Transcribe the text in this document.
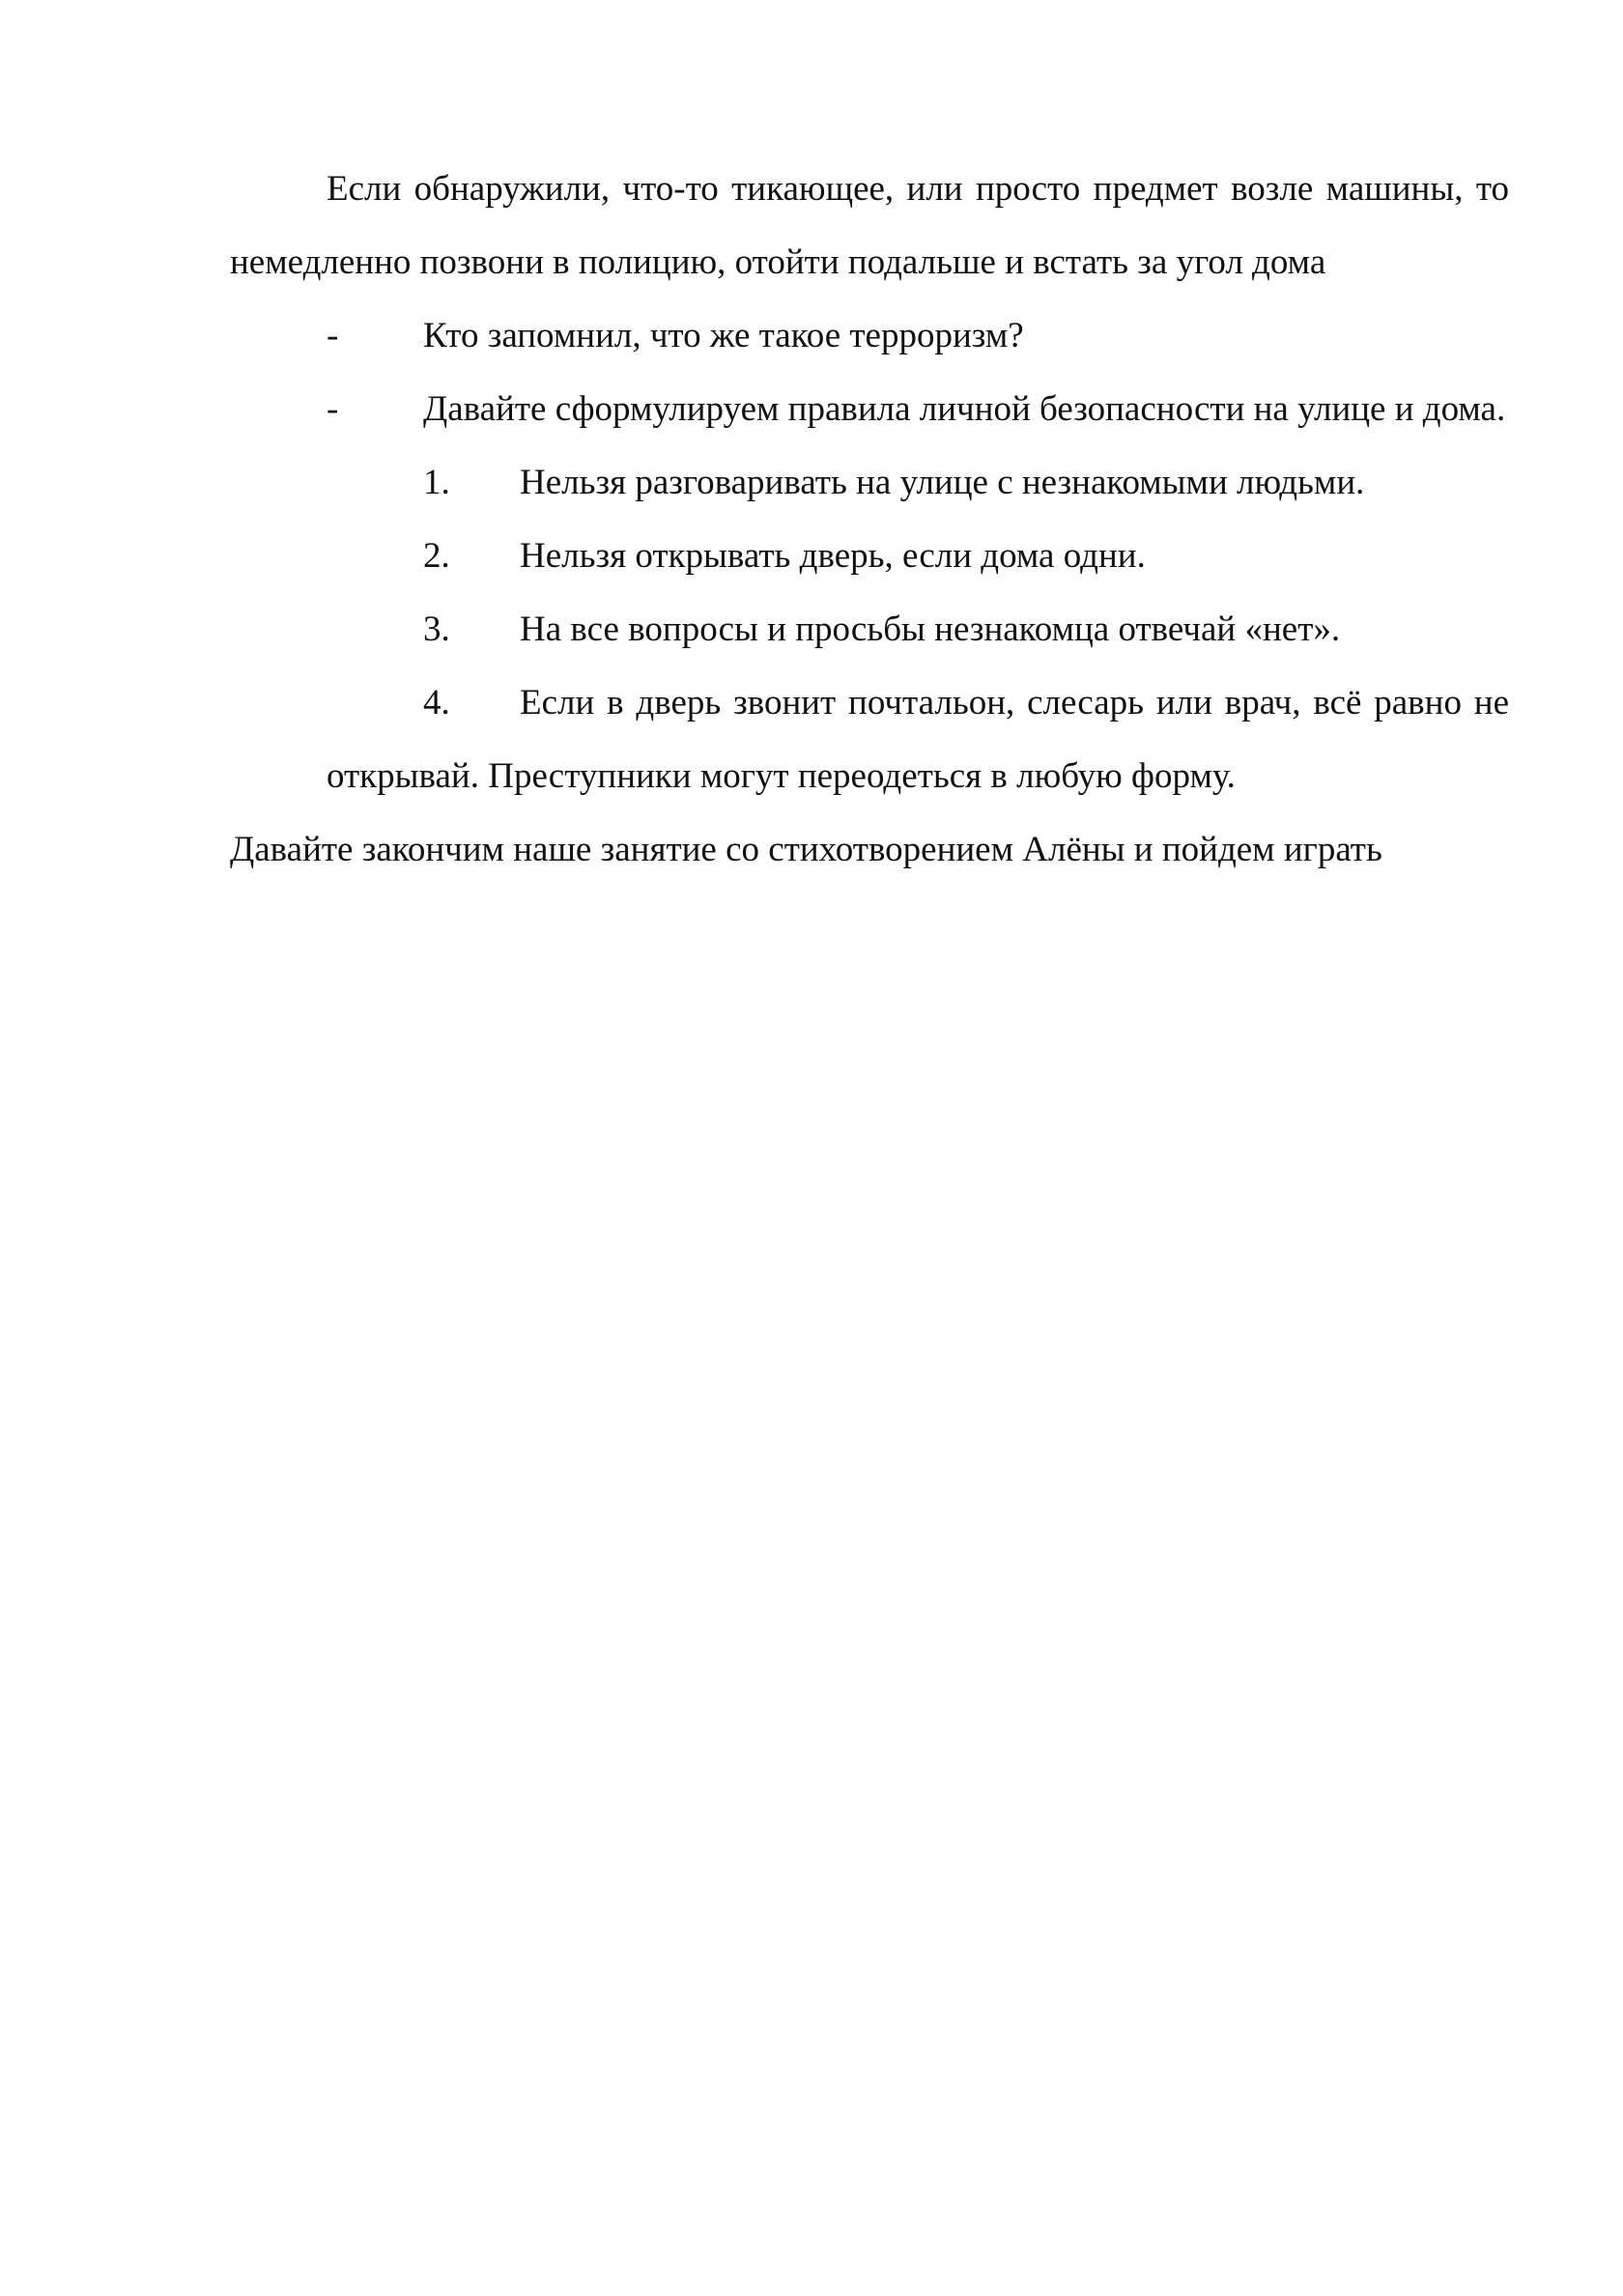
Если обнаружили, что-то тикающее, или просто предмет возле машины, то немедленно позвони в полицию, отойти подальше и встать за угол дома

- Кто запомнил, что же такое терроризм?

- Давайте сформулируем правила личной безопасности на улице и дома.

1. Нельзя разговаривать на улице с незнакомыми людьми.

2. Нельзя открывать дверь, если дома одни.

3. На все вопросы и просьбы незнакомца отвечай «нет».

4. Если в дверь звонит почтальон, слесарь или врач, всё равно не открывай. Преступники могут переодеться в любую форму.

Давайте закончим наше занятие со стихотворением Алёны и пойдем играть
